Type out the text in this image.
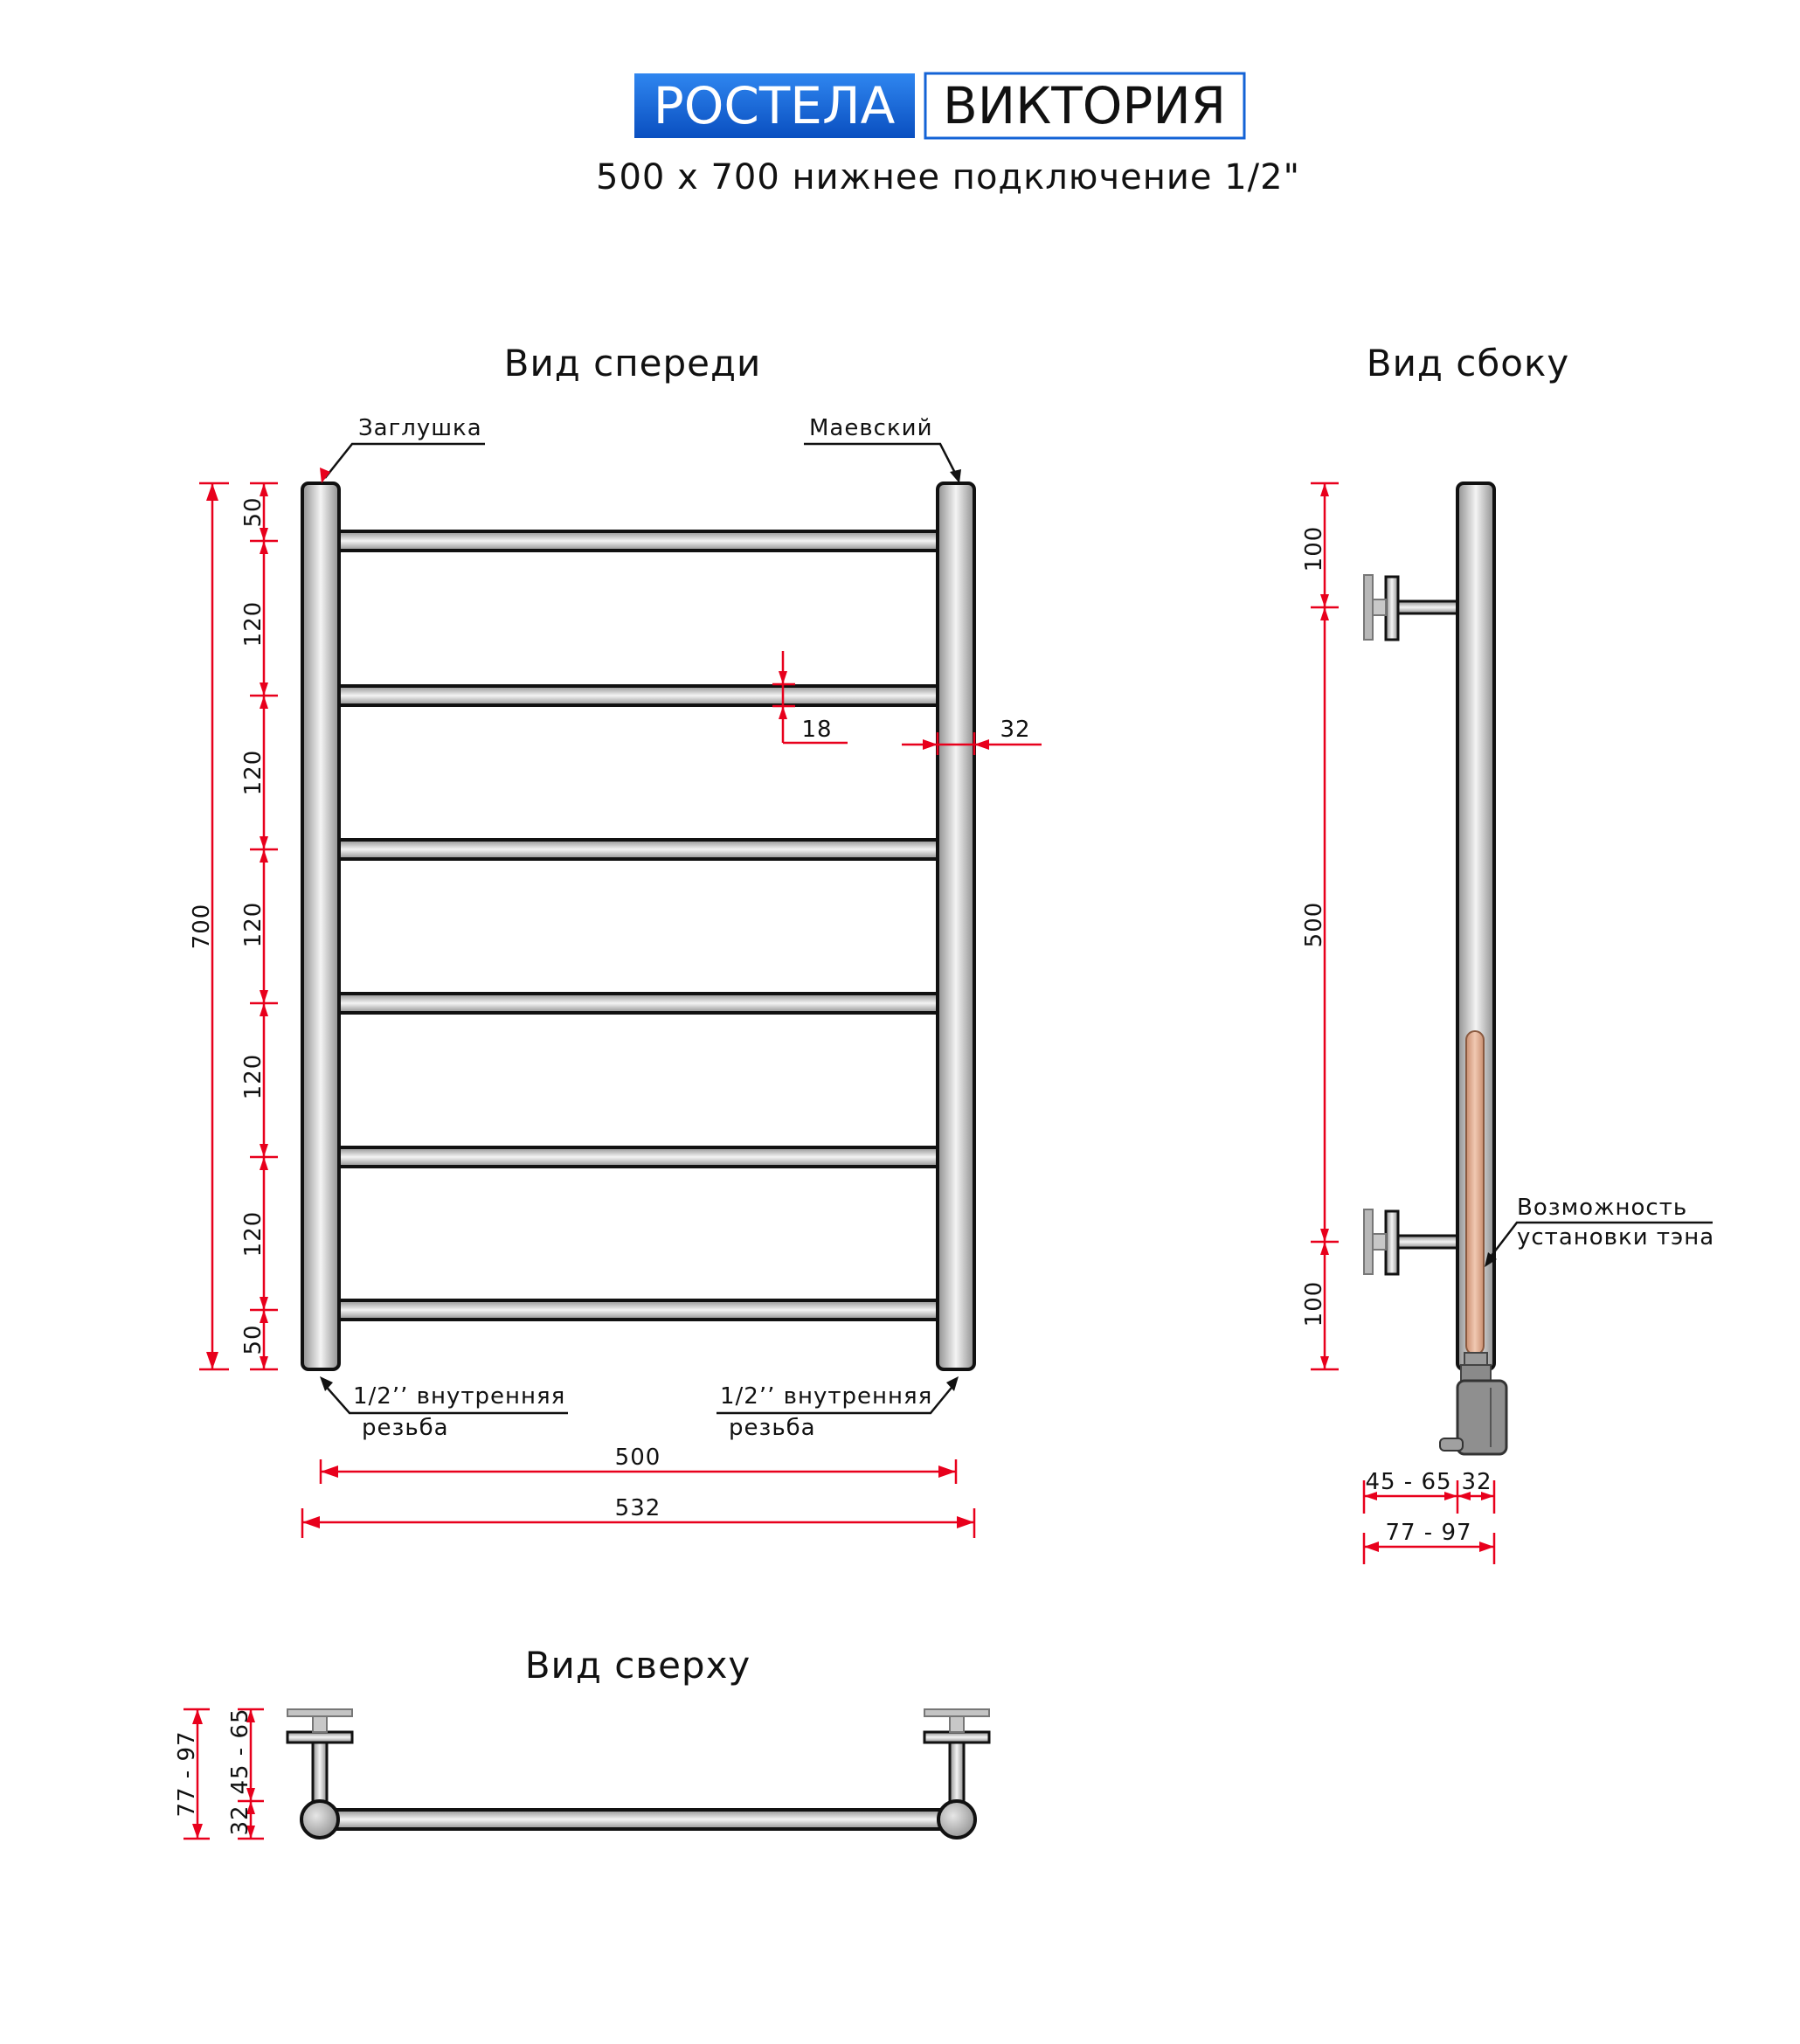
РОСТЕЛА ВИКТОРИЯ
500 x 700 нижнее подключение 1/2"
Вид спереди
Заглушка	Маевский
1/2’’ внутренняя
резьба
1/2’’ внутренняя
резьба
700
50
120
120
120
120
120
50
18	32
500
532
Вид сбоку
Возможность
установки тэна
100
500
100
45 - 65 32
77 - 97
Вид сверху
77 - 97 45 - 65
32
